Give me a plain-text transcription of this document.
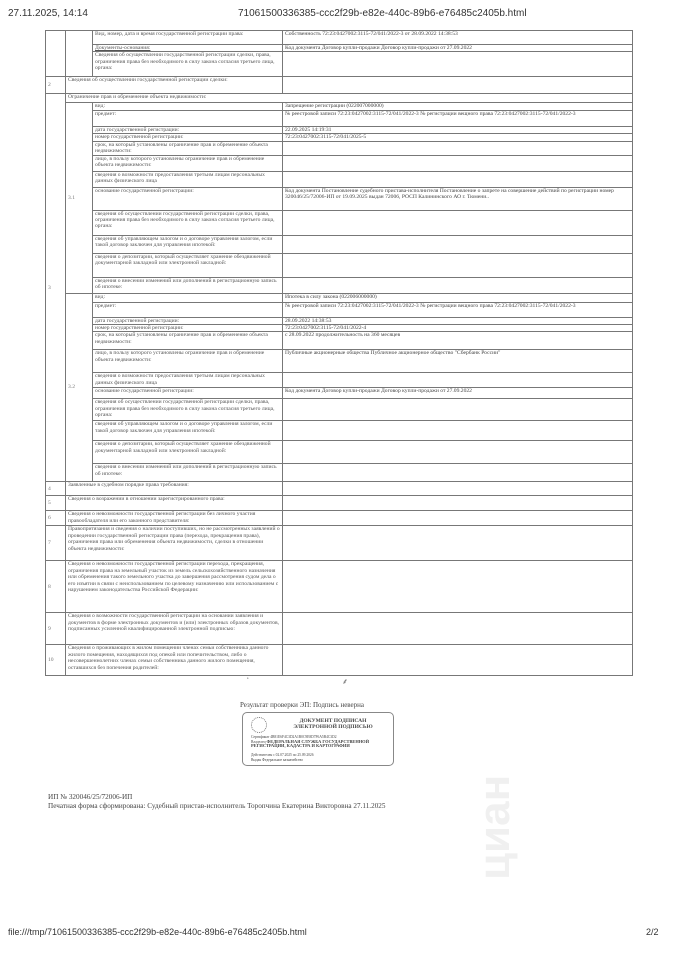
27.11.2025, 14:14	71061500336385-ccc2f29b-e82e-440c-89b6-e76485c2405b.html
		Вид, номер, дата и время государственной регистрации права:	Собственность 72:23:0427002:3115-72/041/2022-3 от 28.09.2022 14:38:53
		Документы-основания:	Код документа Договор купли-продажи Договор купли-продажи от 27.09.2022
		Сведения об осуществлении государственной регистрации сделки, права, ограничения права без необходимого в силу закона согласия третьего лица, органа:	
2	Сведения об осуществлении государственной регистрации сделки:		
3	Ограничение прав и обременение объекта недвижимости:		
	3.1	вид:	Запрещение регистрации (022007000000)
		предмет:	№ реестровой записи 72:23:0427002:3115-72/041/2022-3 № регистрации вещного права 72:23:0427002:3115-72/041/2022-3
		дата государственной регистрации:	22.09.2025 14:19:31
		номер государственной регистрации:	72:23:0427002:3115-72/041/2025-5
		срок, на который установлены ограничение прав и обременение объекта недвижимости:	
		лицо, в пользу которого установлены ограничение прав и обременение объекта недвижимости:	
		сведения о возможности предоставления третьим лицам персональных данных физического лица	
		основание государственной регистрации:	Код документа Постановление судебного пристава-исполнителя Постановление о запрете на совершение действий по регистрации номер 320046/25/72006-ИП от 19.09.2025 выдан 72006, РОСП Калининского АО г. Тюмени..
		сведения об осуществлении государственной регистрации сделки, права, ограничения права без необходимого в силу закона согласия третьего лица, органа:	
		сведения об управляющем залогом и о договоре управления залогом, если такой договор заключен для управления ипотекой:	
		сведения о депозитарии, который осуществляет хранение обездвиженной документарной закладной или электронной закладной:	
		сведения о внесении изменений или дополнений в регистрационную запись об ипотеке:	
	3.2	вид:	Ипотека в силу закона (022006000000)
		предмет:	№ реестровой записи 72:23:0427002:3115-72/041/2022-3 № регистрации вещного права 72:23:0427002:3115-72/041/2022-3
		дата государственной регистрации:	28.09.2022 14:38:53
		номер государственной регистрации:	72:23:0427002:3115-72/041/2022-4
		срок, на который установлены ограничение прав и обременение объекта недвижимости:	с 28.09.2022 продолжительность на 360 месяцев
		лицо, в пользу которого установлены ограничение прав и обременение объекта недвижимости:	Публичные акционерные общества Публичное акционерное общество "Сбербанк России"
		сведения о возможности предоставления третьим лицам персональных данных физического лица	
		основание государственной регистрации:	Код документа Договор купли-продажи Договор купли-продажи от 27.09.2022
		сведения об осуществлении государственной регистрации сделки, права, ограничения права без необходимого в силу закона согласия третьего лица, органа:	
		сведения об управляющем залогом и о договоре управления залогом, если такой договор заключен для управления ипотекой:	
		сведения о депозитарии, который осуществляет хранение обездвиженной документарной закладной или электронной закладной:	
		сведения о внесении изменений или дополнений в регистрационную запись об ипотеке:	
4	Заявленные в судебном порядке права требования:		
5	Сведения о возражении в отношении зарегистрированного права:		
6	Сведения о невозможности государственной регистрации без личного участия правообладателя или его законного представителя:		
7	Правопритязания и сведения о наличии поступивших, но не рассмотренных заявлений о проведении государственной регистрации права (перехода, прекращения права), ограничения права или обременения объекта недвижимости, сделки в отношении объекта недвижимости:		
8	Сведения о невозможности государственной регистрации перехода, прекращения, ограничения права на земельный участок из земель сельскохозяйственного назначения или обременения такого земельного участка до завершения рассмотрения судом дела о его изъятии в связи с неиспользованием по целевому назначению или использованием с нарушением законодательства Российской Федерации:		
9	Сведения о возможности государственной регистрации на основании заявления и документов в форме электронных документов и (или) электронных образов документов, подписанных усиленной квалифицированной электронной подписью:		
10	Сведения о проживающих в жилом помещении членах семьи собственника данного жилого помещения, находящихся под опекой или попечительством, либо о несовершеннолетних членах семьи собственника данного жилого помещения, оставшихся без попечения родителей:		
ʻ	⸙
Результат проверки ЭП: Подпись неверна
ДОКУМЕНТ ПОДПИСАН ЭЛЕКТРОННОЙ ПОДПИСЬЮ
Сертификат 4B81E6F4C3D2A1B0C9E8D7F6A5B4C3D2
Владелец ФЕДЕРАЛЬНАЯ СЛУЖБА ГОСУДАРСТВЕННОЙ РЕГИСТРАЦИИ, КАДАСТРА И КАРТОГРАФИИ
Действителен с 02.07.2025 по 25.09.2026
Выдан Федеральное казначейство
ИП № 320046/25/72006-ИП
Печатная форма сформирована: Судебный пристав-исполнитель Торопчина Екатерина Викторовна 27.11.2025 циан
file:///tmp/71061500336385-ccc2f29b-e82e-440c-89b6-e76485c2405b.html	2/2
